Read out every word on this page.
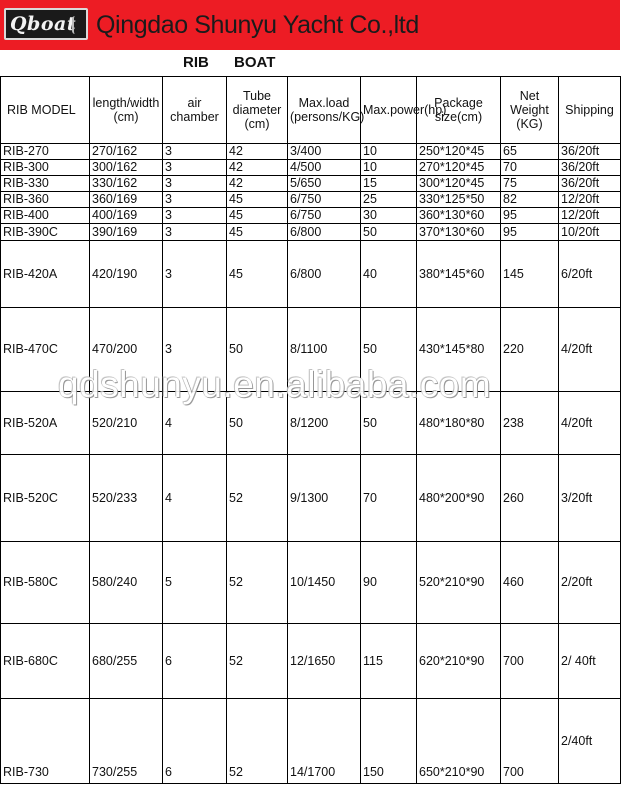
Qboat Qingdao Shunyu Yacht Co.,ltd
RIB BOAT
RIB MODEL	length/width (cm)	air chamber	Tube diameter (cm)	Max.load (persons/KG)	Max.power(hp)	Package size(cm)	Net Weight (KG)	Shipping
RIB-270	270/162	3	42	3/400	10	250*120*45	65	36/20ft
RIB-300	300/162	3	42	4/500	10	270*120*45	70	36/20ft
RIB-330	330/162	3	42	5/650	15	300*120*45	75	36/20ft
RIB-360	360/169	3	45	6/750	25	330*125*50	82	12/20ft
RIB-400	400/169	3	45	6/750	30	360*130*60	95	12/20ft
RIB-390C	390/169	3	45	6/800	50	370*130*60	95	10/20ft
RIB-420A	420/190	3	45	6/800	40	380*145*60	145	6/20ft
RIB-470C	470/200	3	50	8/1100	50	430*145*80	220	4/20ft
RIB-520A	520/210	4	50	8/1200	50	480*180*80	238	4/20ft
RIB-520C	520/233	4	52	9/1300	70	480*200*90	260	3/20ft
RIB-580C	580/240	5	52	10/1450	90	520*210*90	460	2/20ft
RIB-680C	680/255	6	52	12/1650	115	620*210*90	700	2/ 40ft
RIB-730	730/255	6	52	14/1700	150	650*210*90	700	2/40ft
qdshunyu.en.alibaba.com
